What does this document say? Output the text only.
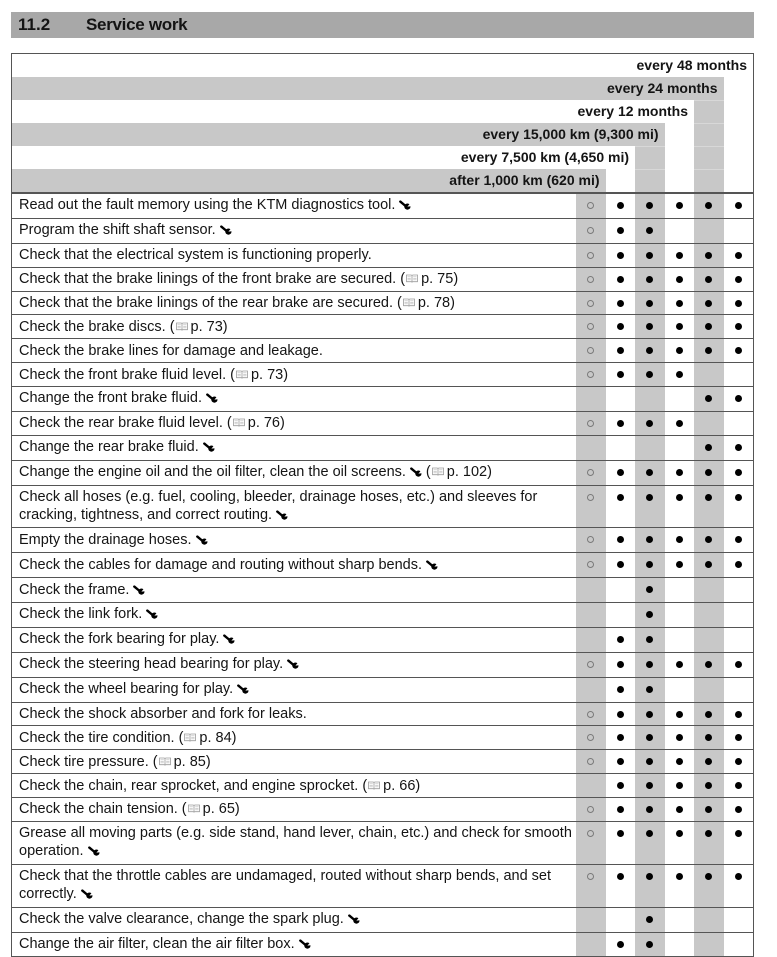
11.2 Service work
every 48 months
every 24 months
every 12 months
every 15,000 km (9,300 mi)
every 7,500 km (4,650 mi)
after 1,000 km (620 mi)
Read out the fault memory using the KTM diagnostics tool.
Program the shift shaft sensor.
Check that the electrical system is functioning properly.
Check that the brake linings of the front brake are secured. ( p. 75)
Check that the brake linings of the rear brake are secured. ( p. 78)
Check the brake discs. ( p. 73)
Check the brake lines for damage and leakage.
Check the front brake fluid level. ( p. 73)
Change the front brake fluid.
Check the rear brake fluid level. ( p. 76)
Change the rear brake fluid.
Change the engine oil and the oil filter, clean the oil screens. ( p. 102)
Check all hoses (e.g. fuel, cooling, bleeder, drainage hoses, etc.) and sleeves for cracking, tightness, and correct routing.
Empty the drainage hoses.
Check the cables for damage and routing without sharp bends.
Check the frame.
Check the link fork.
Check the fork bearing for play.
Check the steering head bearing for play.
Check the wheel bearing for play.
Check the shock absorber and fork for leaks.
Check the tire condition. ( p. 84)
Check tire pressure. ( p. 85)
Check the chain, rear sprocket, and engine sprocket. ( p. 66)
Check the chain tension. ( p. 65)
Grease all moving parts (e.g. side stand, hand lever, chain, etc.) and check for smooth operation.
Check that the throttle cables are undamaged, routed without sharp bends, and set correctly.
Check the valve clearance, change the spark plug.
Change the air filter, clean the air filter box.
